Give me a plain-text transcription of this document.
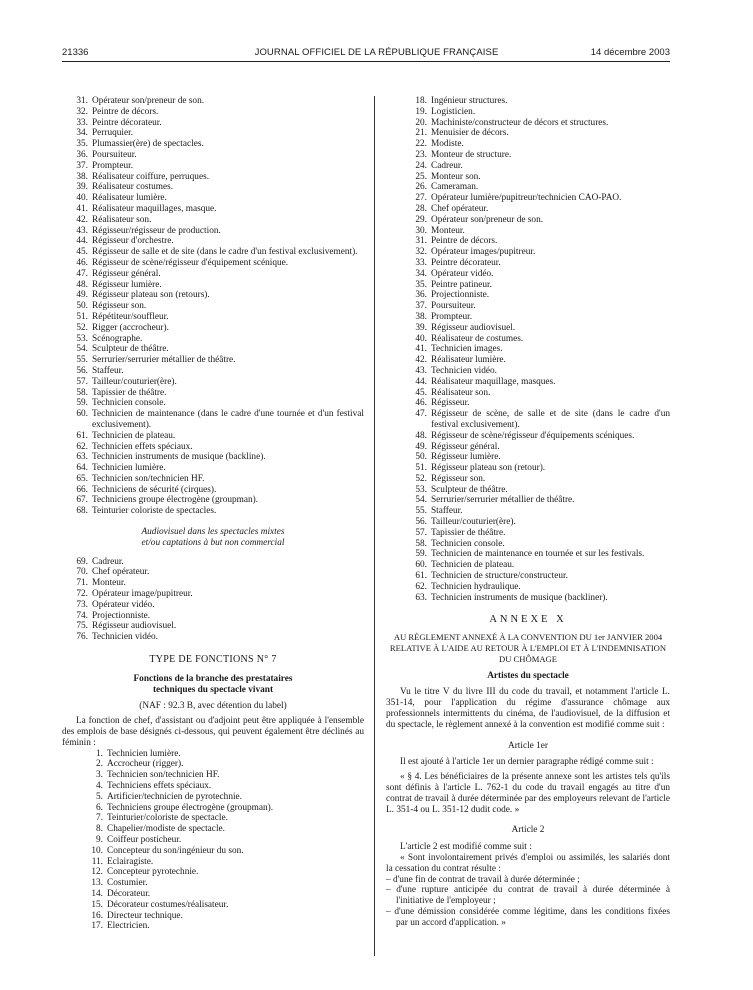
21336	JOURNAL OFFICIEL DE LA RÉPUBLIQUE FRANÇAISE	14 décembre 2003
31. Opérateur son/preneur de son.
32. Peintre de décors.
33. Peintre décorateur.
34. Perruquier.
35. Plumassier(ère) de spectacles.
36. Poursuiteur.
37. Prompteur.
38. Réalisateur coiffure, perruques.
39. Réalisateur costumes.
40. Réalisateur lumière.
41. Réalisateur maquillages, masque.
42. Réalisateur son.
43. Régisseur/régisseur de production.
44. Régisseur d'orchestre.
45. Régisseur de salle et de site (dans le cadre d'un festival exclusivement).
46. Régisseur de scène/régisseur d'équipement scénique.
47. Régisseur général.
48. Régisseur lumière.
49. Régisseur plateau son (retours).
50. Régisseur son.
51. Répétiteur/souffleur.
52. Rigger (accrocheur).
53. Scénographe.
54. Sculpteur de théâtre.
55. Serrurier/serrurier métallier de théâtre.
56. Staffeur.
57. Tailleur/couturier(ère).
58. Tapissier de théâtre.
59. Technicien console.
60. Technicien de maintenance (dans le cadre d'une tournée et d'un festival exclusivement).
61. Technicien de plateau.
62. Technicien effets spéciaux.
63. Technicien instruments de musique (backline).
64. Technicien lumière.
65. Technicien son/technicien HF.
66. Techniciens de sécurité (cirques).
67. Techniciens groupe électrogène (groupman).
68. Teinturier coloriste de spectacles.
Audiovisuel dans les spectacles mixtes
et/ou captations à but non commercial
69. Cadreur.
70. Chef opérateur.
71. Monteur.
72. Opérateur image/pupitreur.
73. Opérateur vidéo.
74. Projectionniste.
75. Régisseur audiovisuel.
76. Technicien vidéo.
TYPE DE FONCTIONS N° 7
Fonctions de la branche des prestataires
techniques du spectacle vivant
(NAF : 92.3 B, avec détention du label)

La fonction de chef, d'assistant ou d'adjoint peut être appliquée à l'ensemble des emplois de base désignés ci-dessous, qui peuvent également être déclinés au féminin :

1. Technicien lumière.
2. Accrocheur (rigger).
3. Technicien son/technicien HF.
4. Techniciens effets spéciaux.
5. Artificier/technicien de pyrotechnie.
6. Techniciens groupe électrogène (groupman).
7. Teinturier/coloriste de spectacle.
8. Chapelier/modiste de spectacle.
9. Coiffeur posticheur.
10. Concepteur du son/ingénieur du son.
11. Eclairagiste.
12. Concepteur pyrotechnie.
13. Costumier.
14. Décorateur.
15. Décorateur costumes/réalisateur.
16. Directeur technique.
17. Electricien.
18. Ingénieur structures.
19. Logisticien.
20. Machiniste/constructeur de décors et structures.
21. Menuisier de décors.
22. Modiste.
23. Monteur de structure.
24. Cadreur.
25. Monteur son.
26. Cameraman.
27. Opérateur lumière/pupitreur/technicien CAO-PAO.
28. Chef opérateur.
29. Opérateur son/preneur de son.
30. Monteur.
31. Peintre de décors.
32. Opérateur images/pupitreur.
33. Peintre décorateur.
34. Opérateur vidéo.
35. Peintre patineur.
36. Projectionniste.
37. Poursuiteur.
38. Prompteur.
39. Régisseur audiovisuel.
40. Réalisateur de costumes.
41. Technicien images.
42. Réalisateur lumière.
43. Technicien vidéo.
44. Réalisateur maquillage, masques.
45. Réalisateur son.
46. Régisseur.
47. Régisseur de scène, de salle et de site (dans le cadre d'un festival exclusivement).
48. Régisseur de scène/régisseur d'équipements scéniques.
49. Régisseur général.
50. Régisseur lumière.
51. Régisseur plateau son (retour).
52. Régisseur son.
53. Sculpteur de théâtre.
54. Serrurier/serrurier métallier de théâtre.
55. Staffeur.
56. Tailleur/couturier(ère).
57. Tapissier de théâtre.
58. Technicien console.
59. Technicien de maintenance en tournée et sur les festivals.
60. Technicien de plateau.
61. Technicien de structure/constructeur.
62. Technicien hydraulique.
63. Technicien instruments de musique (backliner).
ANNEXE X

AU RÈGLEMENT ANNEXÉ À LA CONVENTION DU 1er JANVIER 2004 RELATIVE À L'AIDE AU RETOUR À L'EMPLOI ET À L'INDEMNISATION DU CHÔMAGE

Artistes du spectacle

Vu le titre V du livre III du code du travail, et notamment l'article L. 351-14, pour l'application du régime d'assurance chômage aux professionnels intermittents du cinéma, de l'audiovisuel, de la diffusion et du spectacle, le règlement annexé à la convention est modifié comme suit :

Article 1er

Il est ajouté à l'article 1er un dernier paragraphe rédigé comme suit :

« § 4. Les bénéficiaires de la présente annexe sont les artistes tels qu'ils sont définis à l'article L. 762-1 du code du travail engagés au titre d'un contrat de travail à durée déterminée par des employeurs relevant de l'article L. 351-4 ou L. 351-12 dudit code. »

Article 2

L'article 2 est modifié comme suit :

« Sont involontairement privés d'emploi ou assimilés, les salariés dont la cessation du contrat résulte :

– d'une fin de contrat de travail à durée déterminée ;

– d'une rupture anticipée du contrat de travail à durée déterminée à l'initiative de l'employeur ;

– d'une démission considérée comme légitime, dans les conditions fixées par un accord d'application. »
